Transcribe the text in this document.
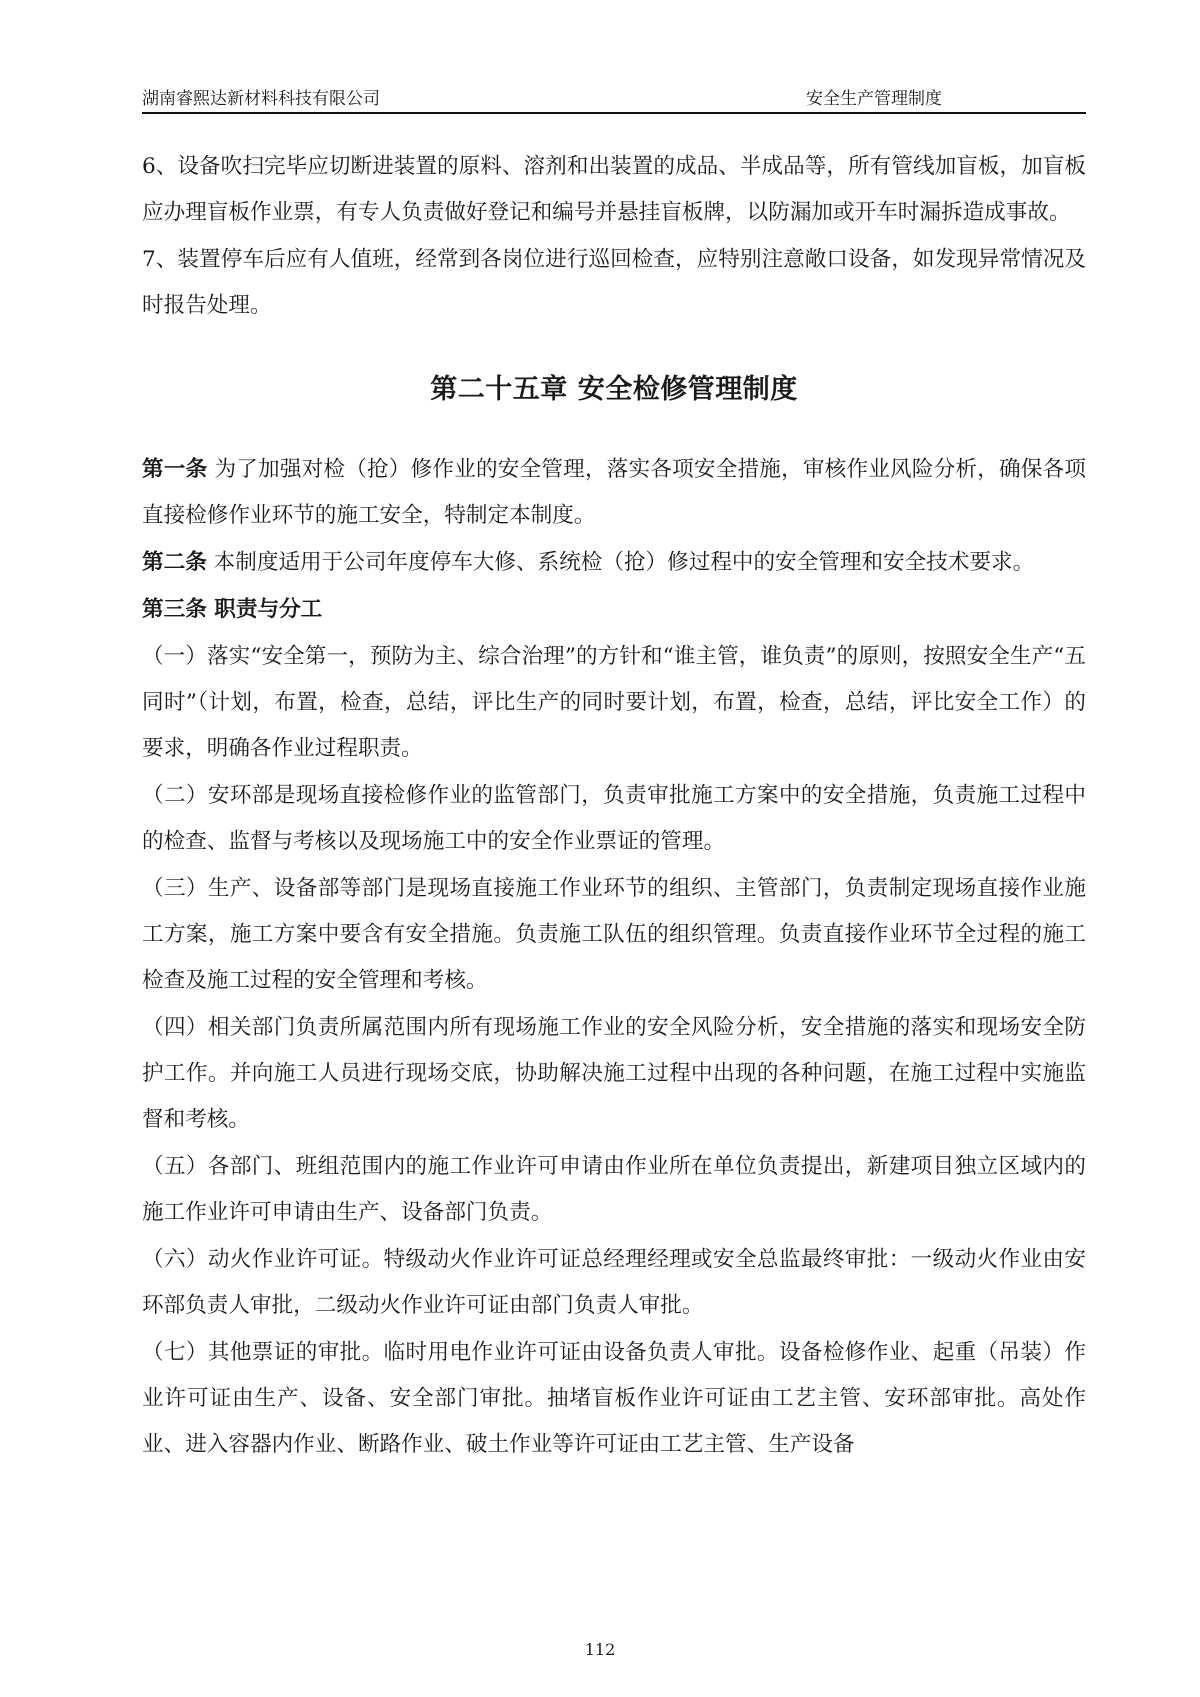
湖南睿熙达新材料科技有限公司	安全生产管理制度

6、设备吹扫完毕应切断进装置的原料、溶剂和出装置的成品、半成品等，所有管线加盲板，加盲板应办理盲板作业票，有专人负责做好登记和编号并悬挂盲板牌，以防漏加或开车时漏拆造成事故。

7、装置停车后应有人值班，经常到各岗位进行巡回检查，应特别注意敞口设备，如发现异常情况及时报告处理。

第二十五章 安全检修管理制度

第一条 为了加强对检（抢）修作业的安全管理，落实各项安全措施，审核作业风险分析，确保各项直接检修作业环节的施工安全，特制定本制度。

第二条 本制度适用于公司年度停车大修、系统检（抢）修过程中的安全管理和安全技术要求。

第三条 职责与分工

（一）落实“安全第一，预防为主、综合治理”的方针和“谁主管，谁负责”的原则，按照安全生产“五同时”（计划，布置，检查，总结，评比生产的同时要计划，布置，检查，总结，评比安全工作）的要求，明确各作业过程职责。

（二）安环部是现场直接检修作业的监管部门，负责审批施工方案中的安全措施，负责施工过程中的检查、监督与考核以及现场施工中的安全作业票证的管理。

（三）生产、设备部等部门是现场直接施工作业环节的组织、主管部门，负责制定现场直接作业施工方案，施工方案中要含有安全措施。负责施工队伍的组织管理。负责直接作业环节全过程的施工检查及施工过程的安全管理和考核。

（四）相关部门负责所属范围内所有现场施工作业的安全风险分析，安全措施的落实和现场安全防护工作。并向施工人员进行现场交底，协助解决施工过程中出现的各种问题，在施工过程中实施监督和考核。

（五）各部门、班组范围内的施工作业许可申请由作业所在单位负责提出，新建项目独立区域内的施工作业许可申请由生产、设备部门负责。

（六）动火作业许可证。特级动火作业许可证总经理经理或安全总监最终审批：一级动火作业由安环部负责人审批，二级动火作业许可证由部门负责人审批。

（七）其他票证的审批。临时用电作业许可证由设备负责人审批。设备检修作业、起重（吊装）作业许可证由生产、设备、安全部门审批。抽堵盲板作业许可证由工艺主管、安环部审批。高处作业、进入容器内作业、断路作业、破土作业等许可证由工艺主管、生产设备

112
